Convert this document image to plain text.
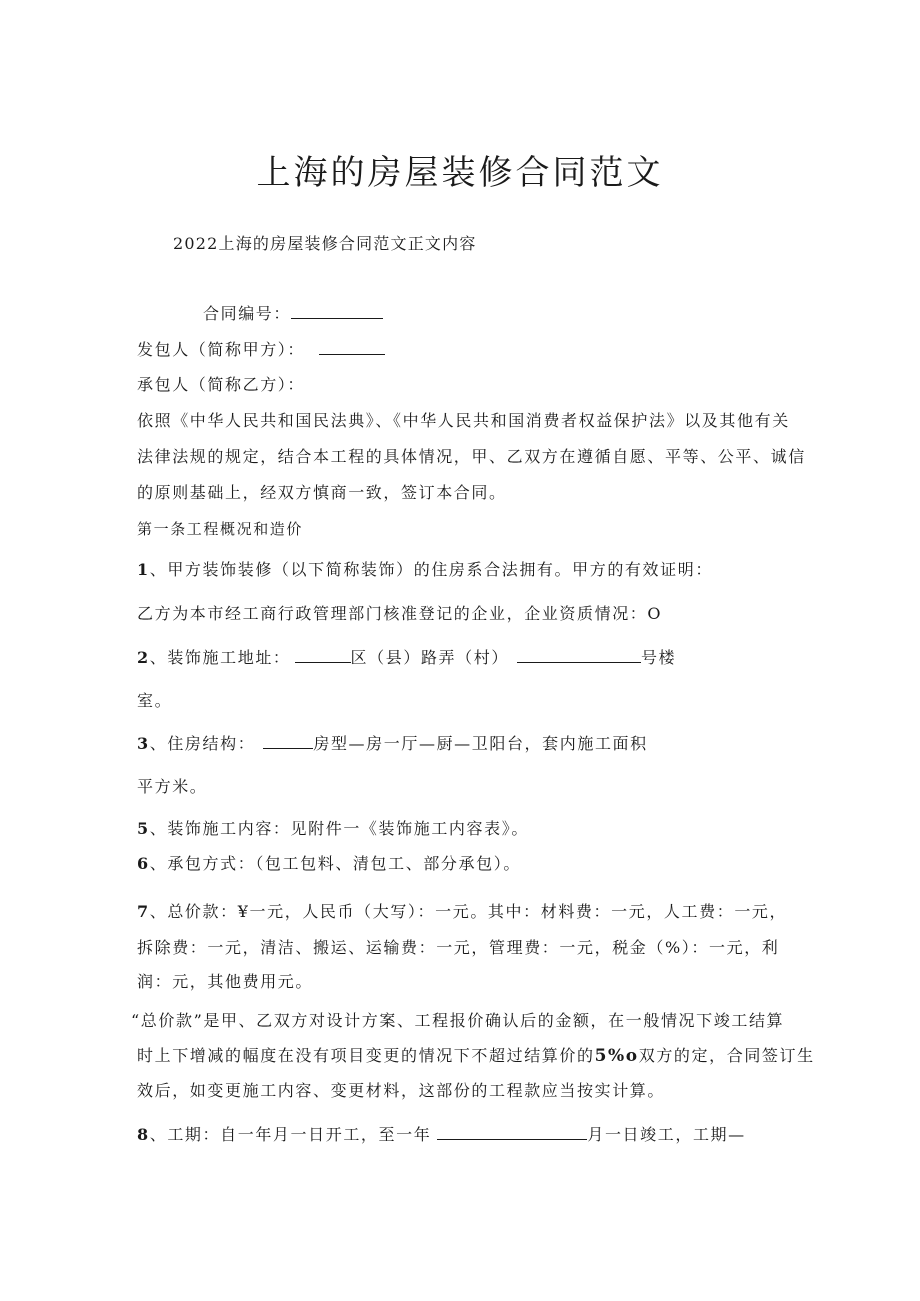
上海的房屋装修合同范文

2022上海的房屋装修合同范文正文内容

合同编号：

发包人（简称甲方）：

承包人（简称乙方）：

依照《中华人民共和国民法典》、《中华人民共和国消费者权益保护法》以及其他有关

法律法规的规定，结合本工程的具体情况，甲、乙双方在遵循自愿、平等、公平、诚信

的原则基础上，经双方慎商一致，签订本合同。

第一条工程概况和造价

1、甲方装饰装修（以下简称装饰）的住房系合法拥有。甲方的有效证明：

乙方为本市经工商行政管理部门核准登记的企业，企业资质情况：O

2、装饰施工地址：	区（县）路弄（村）	号楼

室。

3、住房结构：	房型—房一厅—厨—卫阳台，套内施工面积

平方米。

5、装饰施工内容：见附件一《装饰施工内容表》。

6、承包方式：（包工包料、清包工、部分承包）。

7、总价款：¥一元，人民币（大写）：一元。其中：材料费：一元，人工费：一元，

拆除费：一元，清洁、搬运、运输费：一元，管理费：一元，税金（%）：一元，利

润：元，其他费用元。

“总价款”是甲、乙双方对设计方案、工程报价确认后的金额，在一般情况下竣工结算

时上下增减的幅度在没有项目变更的情况下不超过结算价的5%o双方的定，合同签订生

效后，如变更施工内容、变更材料，这部份的工程款应当按实计算。

8、工期：自一年月一日开工，至一年	月一日竣工，工期—
